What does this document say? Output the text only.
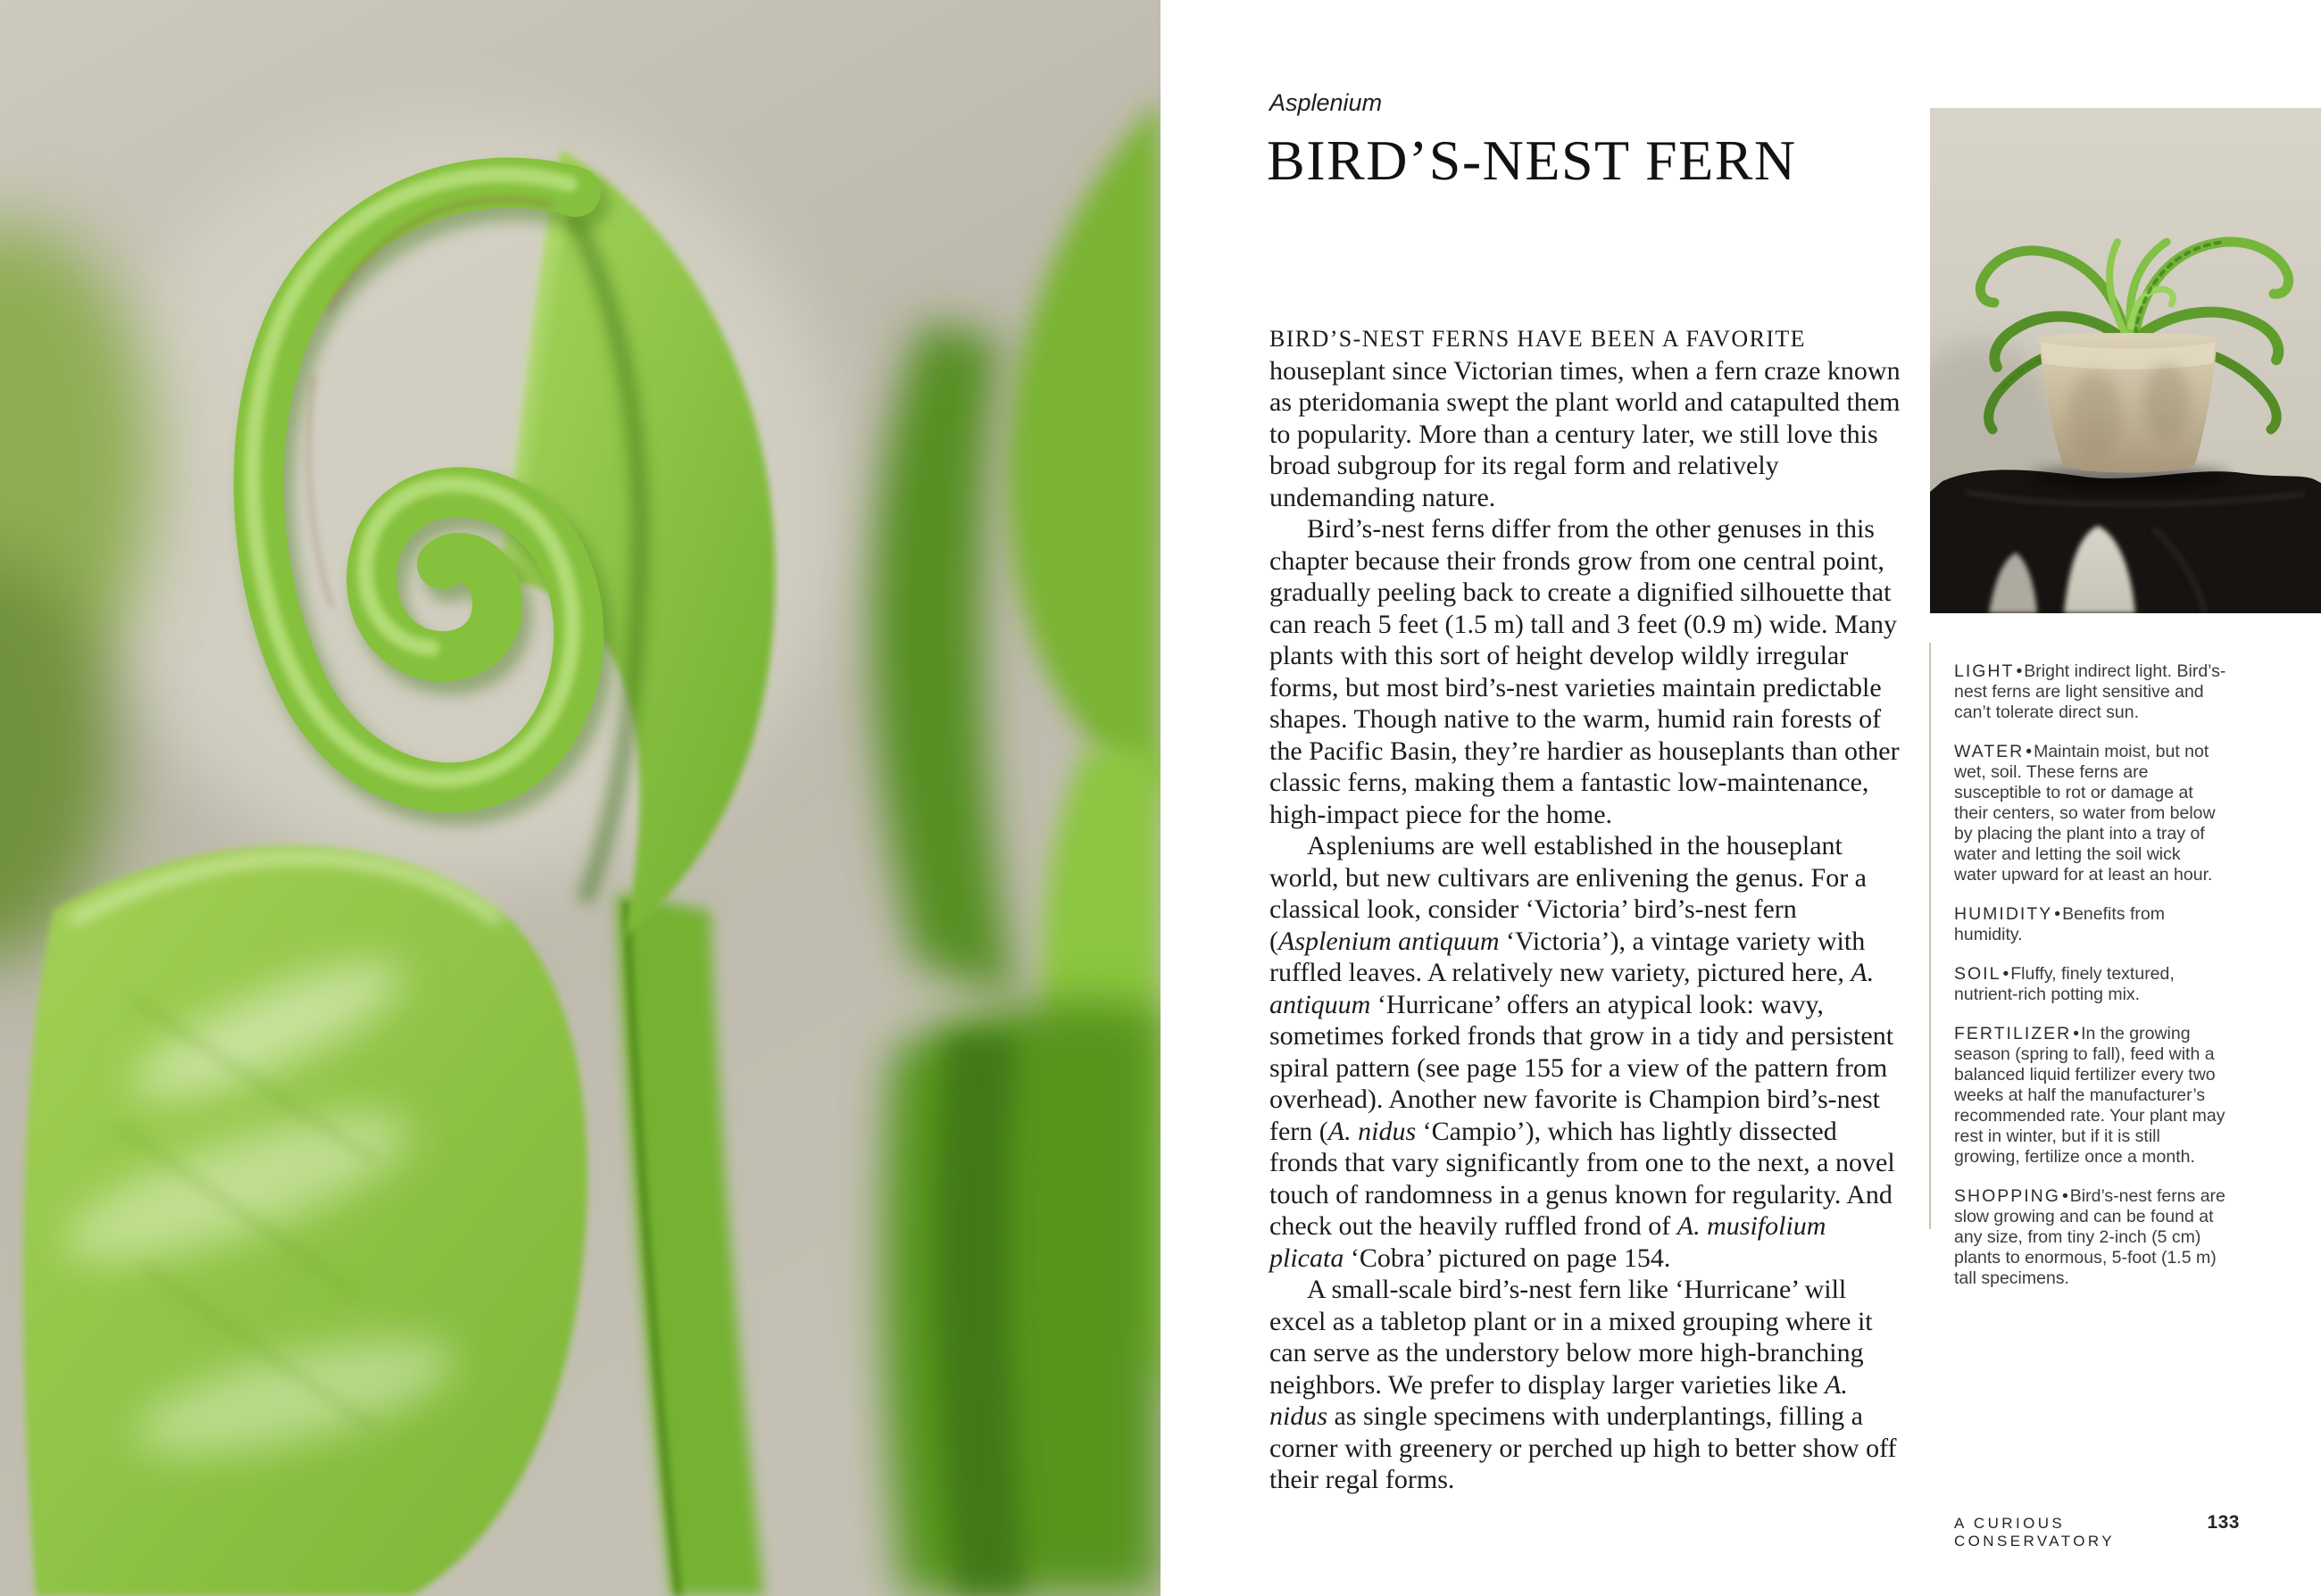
Asplenium
BIRD’S-NEST FERN

BIRD’S-NEST FERNS HAVE BEEN A FAVORITE houseplant since Victorian times, when a fern craze known as pteridomania swept the plant world and catapulted them to popularity. More than a century later, we still love this broad subgroup for its regal form and relatively undemanding nature.

Bird’s-nest ferns differ from the other genuses in this chapter because their fronds grow from one central point, gradually peeling back to create a dignified silhouette that can reach 5 feet (1.5 m) tall and 3 feet (0.9 m) wide. Many plants with this sort of height develop wildly irregular forms, but most bird’s-nest varieties maintain predictable shapes. Though native to the warm, humid rain forests of the Pacific Basin, they’re hardier as houseplants than other classic ferns, making them a fantastic low-maintenance, high-impact piece for the home.

Aspleniums are well established in the houseplant world, but new cultivars are enlivening the genus. For a classical look, consider ‘Victoria’ bird’s-nest fern (Asplenium antiquum ‘Victoria’), a vintage variety with ruffled leaves. A relatively new variety, pictured here, A. antiquum ‘Hurricane’ offers an atypical look: wavy, sometimes forked fronds that grow in a tidy and persistent spiral pattern (see page 155 for a view of the pattern from overhead). Another new favorite is Champion bird’s-nest fern (A. nidus ‘Campio’), which has lightly dissected fronds that vary significantly from one to the next, a novel touch of randomness in a genus known for regularity. And check out the heavily ruffled frond of A. musifolium plicata ‘Cobra’ pictured on page 154.

A small-scale bird’s-nest fern like ‘Hurricane’ will excel as a tabletop plant or in a mixed grouping where it can serve as the understory below more high-branching neighbors. We prefer to display larger varieties like A. nidus as single specimens with underplantings, filling a corner with greenery or perched up high to better show off their regal forms.

LIGHT • Bright indirect light. Bird’s-nest ferns are light sensitive and can’t tolerate direct sun.

WATER • Maintain moist, but not wet, soil. These ferns are susceptible to rot or damage at their centers, so water from below by placing the plant into a tray of water and letting the soil wick water upward for at least an hour.

HUMIDITY • Benefits from humidity.

SOIL • Fluffy, finely textured, nutrient-rich potting mix.

FERTILIZER • In the growing season (spring to fall), feed with a balanced liquid fertilizer every two weeks at half the manufacturer’s recommended rate. Your plant may rest in winter, but if it is still growing, fertilize once a month.

SHOPPING • Bird’s-nest ferns are slow growing and can be found at any size, from tiny 2-inch (5 cm) plants to enormous, 5-foot (1.5 m) tall specimens.

A CURIOUS CONSERVATORY
133
